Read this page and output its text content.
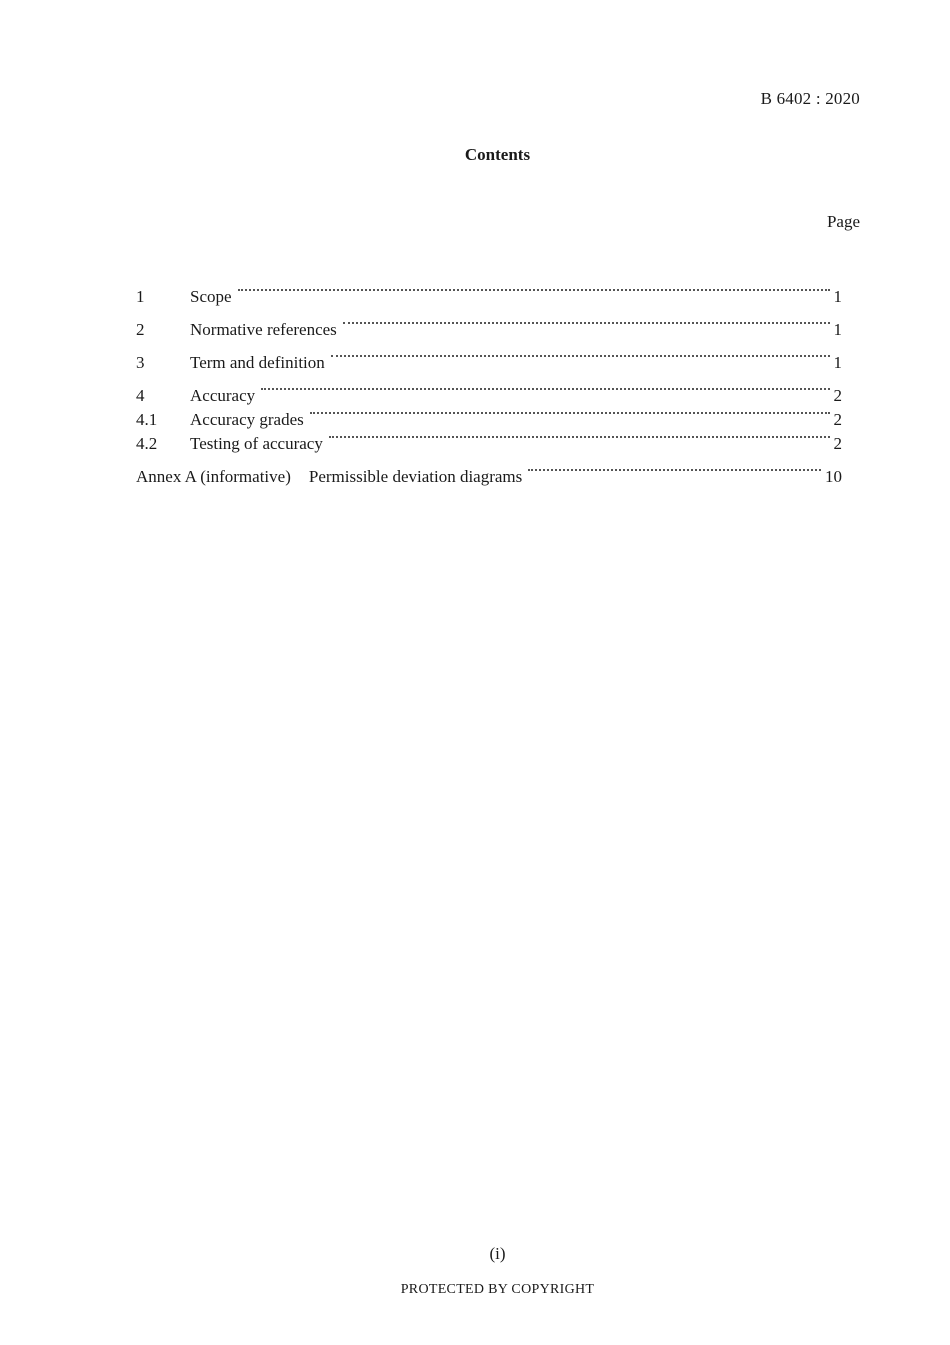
B 6402 : 2020
Contents
Page
1	Scope	1
2	Normative references	1
3	Term and definition	1
4	Accuracy	2
4.1	Accuracy grades	2
4.2	Testing of accuracy	2
Annex A (informative)	Permissible deviation diagrams	10
(i)
PROTECTED BY COPYRIGHT
